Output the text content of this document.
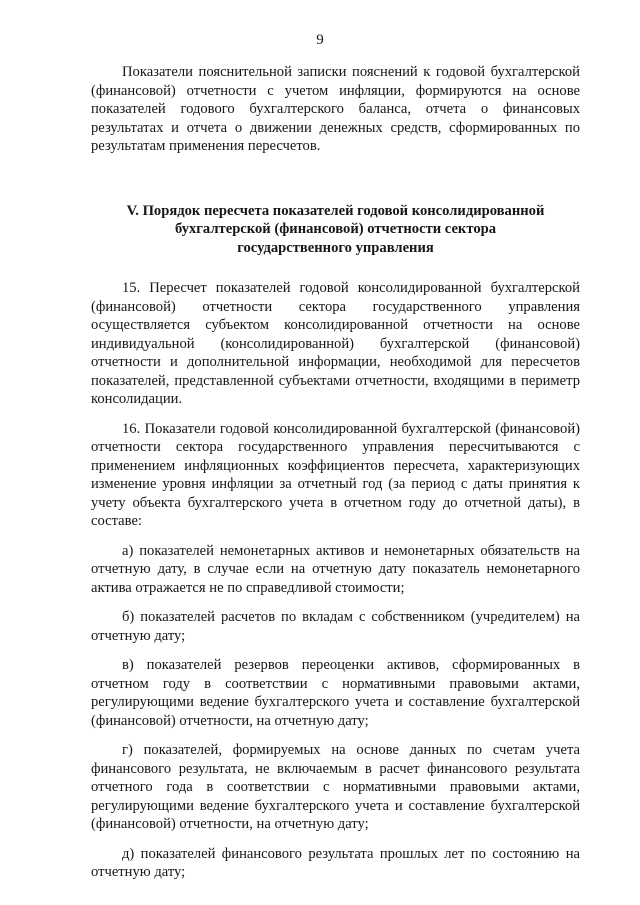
9

Показатели пояснительной записки пояснений к годовой бухгалтерской (финансовой) отчетности с учетом инфляции, формируются на основе показателей годового бухгалтерского баланса, отчета о финансовых результатах и отчета о движении денежных средств, сформированных по результатам применения пересчетов.

V. Порядок пересчета показателей годовой консолидированной бухгалтерской (финансовой) отчетности сектора государственного управления

15. Пересчет показателей годовой консолидированной бухгалтерской (финансовой) отчетности сектора государственного управления осуществляется субъектом консолидированной отчетности на основе индивидуальной (консолидированной) бухгалтерской (финансовой) отчетности и дополнительной информации, необходимой для пересчетов показателей, представленной субъектами отчетности, входящими в периметр консолидации.

16. Показатели годовой консолидированной бухгалтерской (финансовой) отчетности сектора государственного управления пересчитываются с применением инфляционных коэффициентов пересчета, характеризующих изменение уровня инфляции за отчетный год (за период с даты принятия к учету объекта бухгалтерского учета в отчетном году до отчетной даты), в составе:

а) показателей немонетарных активов и немонетарных обязательств на отчетную дату, в случае если на отчетную дату показатель немонетарного актива отражается не по справедливой стоимости;

б) показателей расчетов по вкладам с собственником (учредителем) на отчетную дату;

в) показателей резервов переоценки активов, сформированных в отчетном году в соответствии с нормативными правовыми актами, регулирующими ведение бухгалтерского учета и составление бухгалтерской (финансовой) отчетности, на отчетную дату;

г) показателей, формируемых на основе данных по счетам учета финансового результата, не включаемым в расчет финансового результата отчетного года в соответствии с нормативными правовыми актами, регулирующими ведение бухгалтерского учета и составление бухгалтерской (финансовой) отчетности, на отчетную дату;

д) показателей финансового результата прошлых лет по состоянию на отчетную дату;
